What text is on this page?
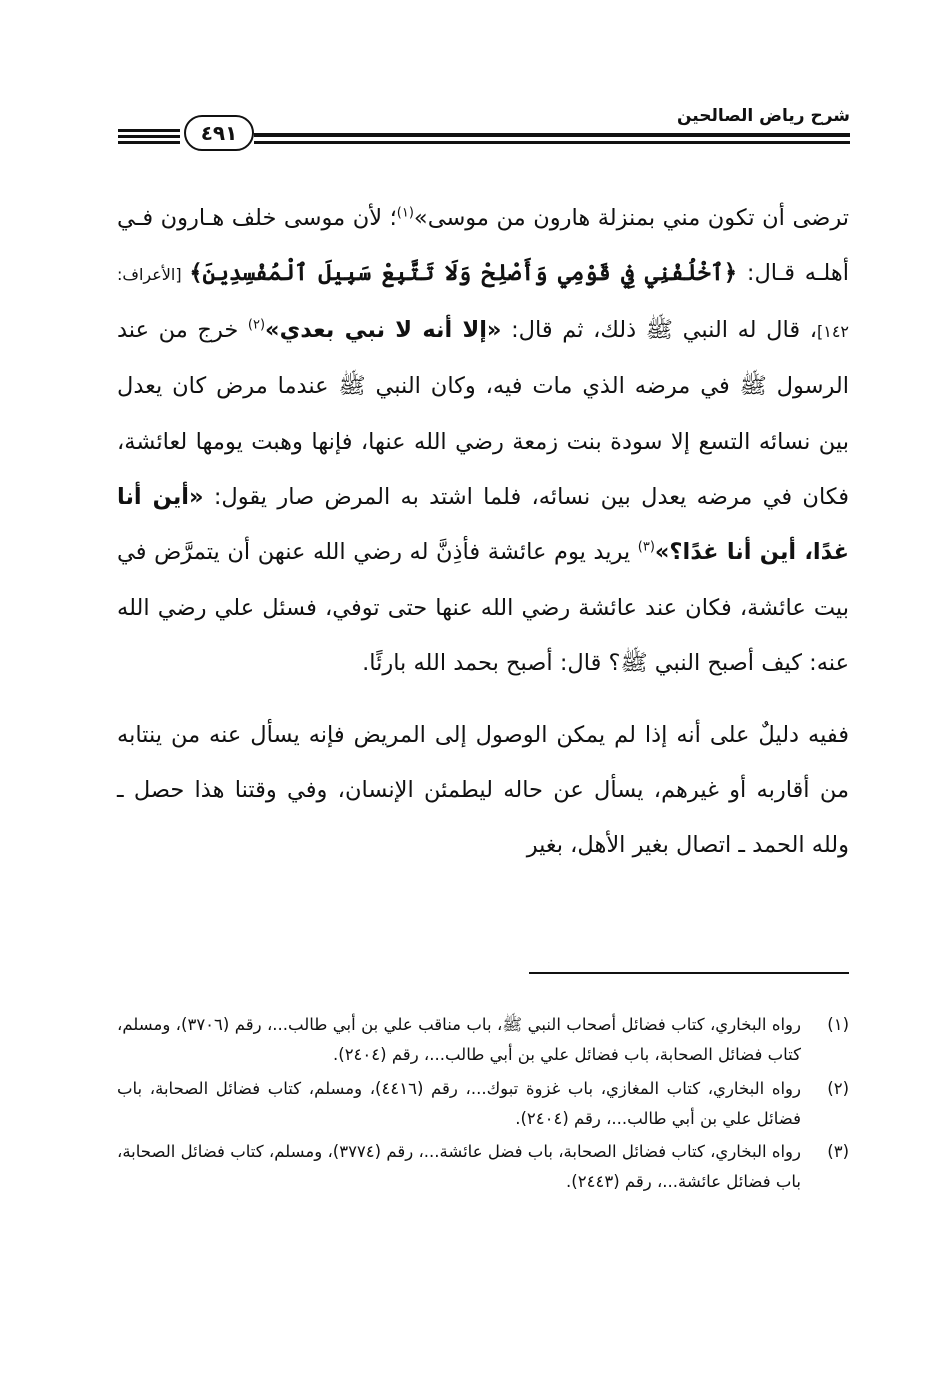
شرح رياض الصالحين
٤٩١

ترضى أن تكون مني بمنزلة هارون من موسى»$^{(١)}$؛ لأن موسى خلف هـارون فـي أهلـه قـال: ﴿ٱخْلُفْنِي فِي قَوْمِي وَأَصْلِحْ وَلَا تَتَّبِعْ سَبِيلَ ٱلْمُفْسِدِينَ﴾ [الأعراف: ١٤٢]، قال له النبي ﷺ ذلك، ثم قال: «إلا أنه لا نبي بعدي»$^{(٢)}$ خرج من عند الرسول ﷺ في مرضه الذي مات فيه، وكان النبي ﷺ عندما مرض كان يعدل بين نسائه التسع إلا سودة بنت زمعة رضي الله عنها، فإنها وهبت يومها لعائشة، فكان في مرضه يعدل بين نسائه، فلما اشتد به المرض صار يقول: «أين أنا غدًا، أين أنا غدًا؟»$^{(٣)}$ يريد يوم عائشة فأذِنَّ له رضي الله عنهن أن يتمرَّض في بيت عائشة، فكان عند عائشة رضي الله عنها حتى توفي، فسئل علي رضي الله عنه: كيف أصبح النبي ﷺ؟ قال: أصبح بحمد الله بارئًا.

ففيه دليلٌ على أنه إذا لم يمكن الوصول إلى المريض فإنه يسأل عنه من ينتابه من أقاربه أو غيرهم، يسأل عن حاله ليطمئن الإنسان، وفي وقتنا هذا حصل ـ ولله الحمد ـ اتصال بغير الأهل، بغير

(١)
رواه البخاري، كتاب فضائل أصحاب النبي ﷺ، باب مناقب علي بن أبي طالب...، رقم (٣٧٠٦)، ومسلم، كتاب فضائل الصحابة، باب فضائل علي بن أبي طالب...، رقم (٢٤٠٤).
(٢)
رواه البخاري، كتاب المغازي، باب غزوة تبوك...، رقم (٤٤١٦)، ومسلم، كتاب فضائل الصحابة، باب فضائل علي بن أبي طالب...، رقم (٢٤٠٤).
(٣)
رواه البخاري، كتاب فضائل الصحابة، باب فضل عائشة...، رقم (٣٧٧٤)، ومسلم، كتاب فضائل الصحابة، باب فضائل عائشة...، رقم (٢٤٤٣).
